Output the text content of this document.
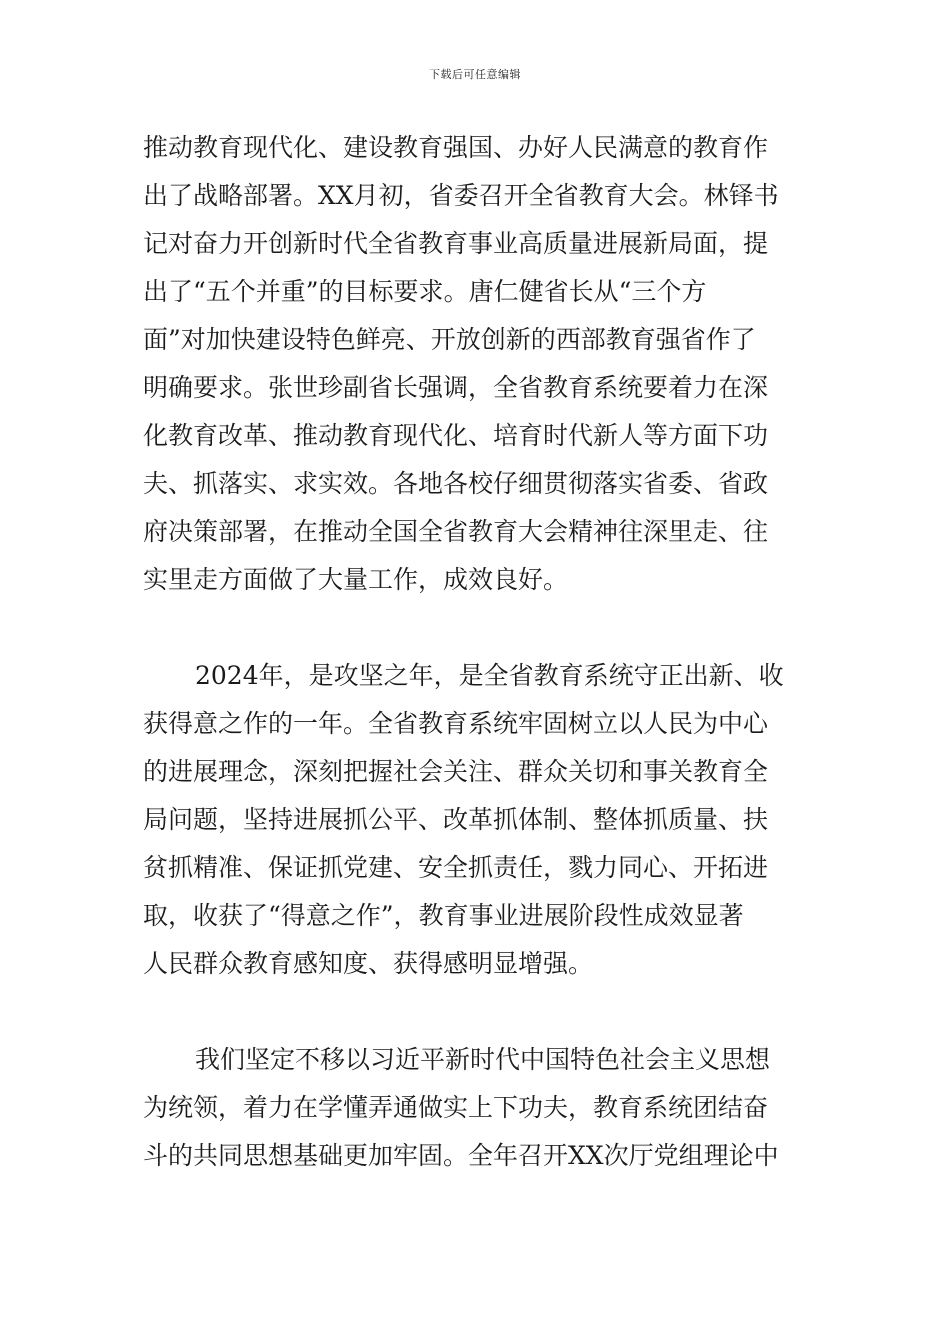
下载后可任意编辑
推动教育现代化、建设教育强国、办好人民满意的教育作
出了战略部署。XX月初，省委召开全省教育大会。林铎书
记对奋力开创新时代全省教育事业高质量进展新局面，提
出了“五个并重”的目标要求。唐仁健省长从“三个方
面”对加快建设特色鲜亮、开放创新的西部教育强省作了
明确要求。张世珍副省长强调，全省教育系统要着力在深
化教育改革、推动教育现代化、培育时代新人等方面下功
夫、抓落实、求实效。各地各校仔细贯彻落实省委、省政
府决策部署，在推动全国全省教育大会精神往深里走、往
实里走方面做了大量工作，成效良好。
2024年，是攻坚之年，是全省教育系统守正出新、收
获得意之作的一年。全省教育系统牢固树立以人民为中心
的进展理念，深刻把握社会关注、群众关切和事关教育全
局问题，坚持进展抓公平、改革抓体制、整体抓质量、扶
贫抓精准、保证抓党建、安全抓责任，戮力同心、开拓进
取，收获了“得意之作”，教育事业进展阶段性成效显著
人民群众教育感知度、获得感明显增强。
我们坚定不移以习近平新时代中国特色社会主义思想
为统领，着力在学懂弄通做实上下功夫，教育系统团结奋
斗的共同思想基础更加牢固。全年召开XX次厅党组理论中
